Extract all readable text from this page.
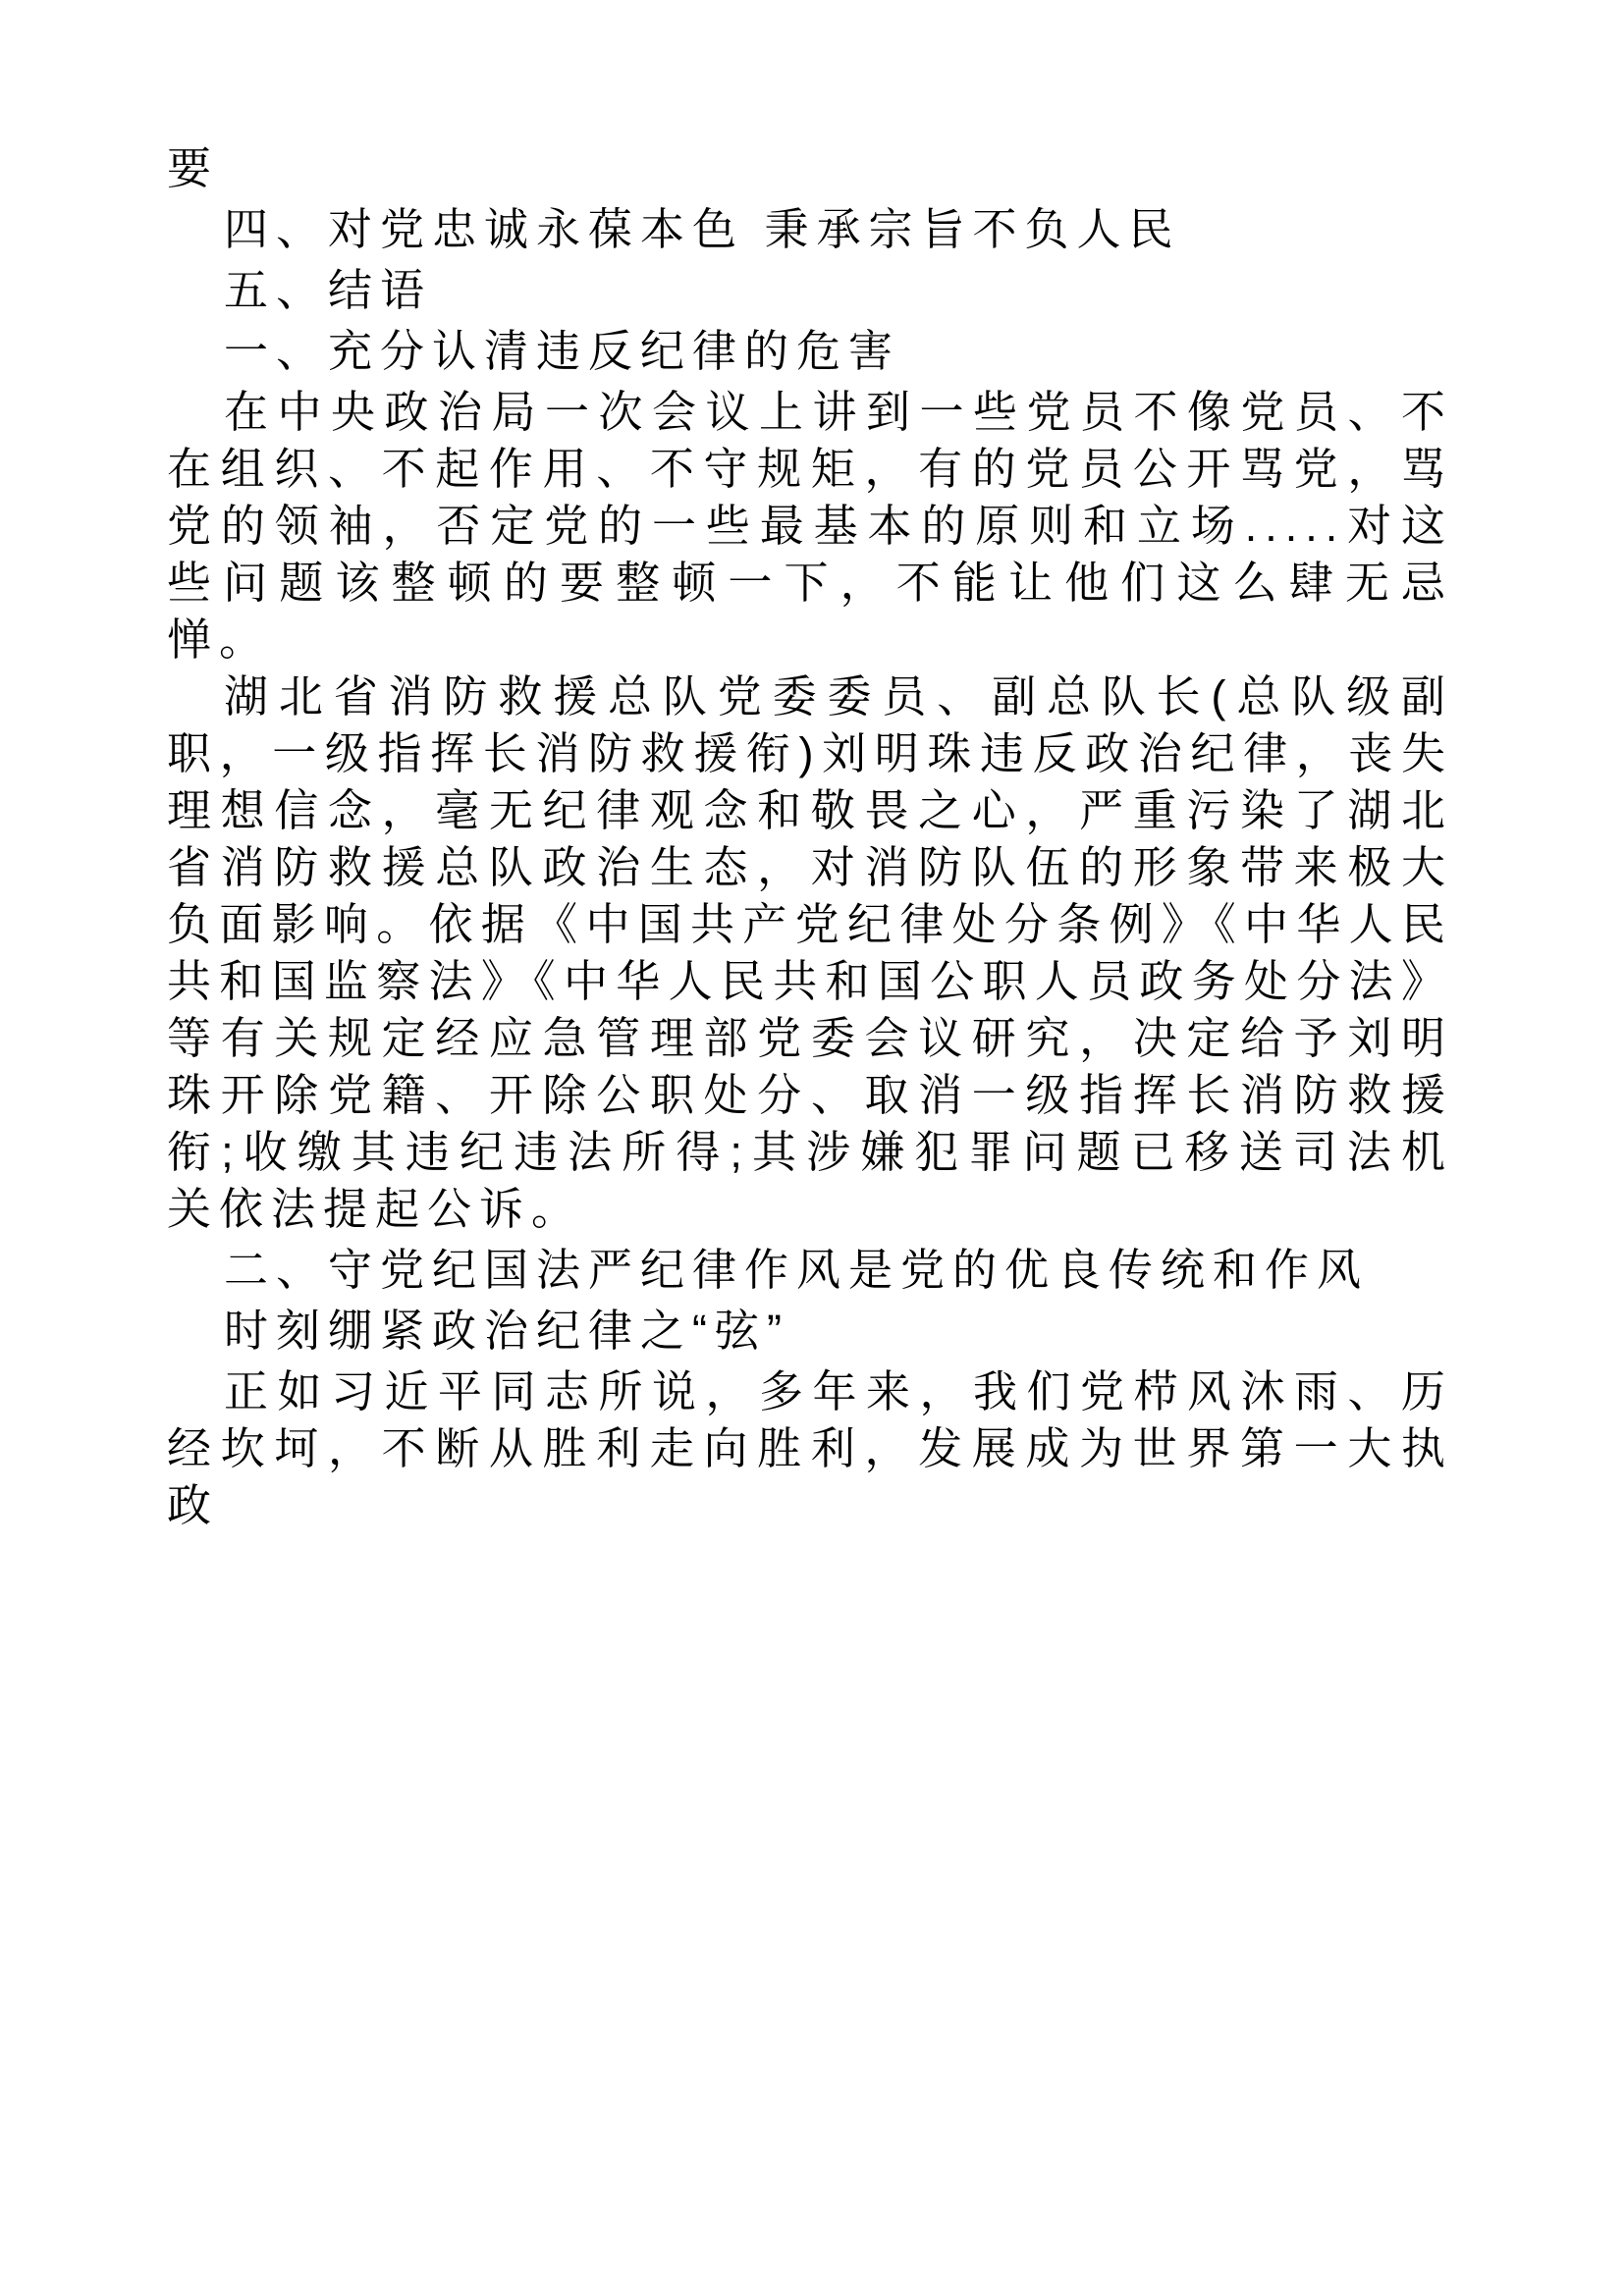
要

四、对党忠诚永葆本色 秉承宗旨不负人民

五、结语

一、充分认清违反纪律的危害

在中央政治局一次会议上讲到一些党员不像党员、不在组织、不起作用、不守规矩，有的党员公开骂党，骂党的领袖，否定党的一些最基本的原则和立场.....对这些问题该整顿的要整顿一下，不能让他们这么肆无忌惮。

湖北省消防救援总队党委委员、副总队长(总队级副职，一级指挥长消防救援衔)刘明珠违反政治纪律，丧失理想信念，毫无纪律观念和敬畏之心，严重污染了湖北省消防救援总队政治生态，对消防队伍的形象带来极大负面影响。依据《中国共产党纪律处分条例》《中华人民共和国监察法》《中华人民共和国公职人员政务处分法》等有关规定经应急管理部党委会议研究，决定给予刘明珠开除党籍、开除公职处分、取消一级指挥长消防救援衔;收缴其违纪违法所得;其涉嫌犯罪问题已移送司法机关依法提起公诉。

二、守党纪国法严纪律作风是党的优良传统和作风

时刻绷紧政治纪律之“弦”

正如习近平同志所说，多年来，我们党栉风沐雨、历经坎坷，不断从胜利走向胜利，发展成为世界第一大执政
